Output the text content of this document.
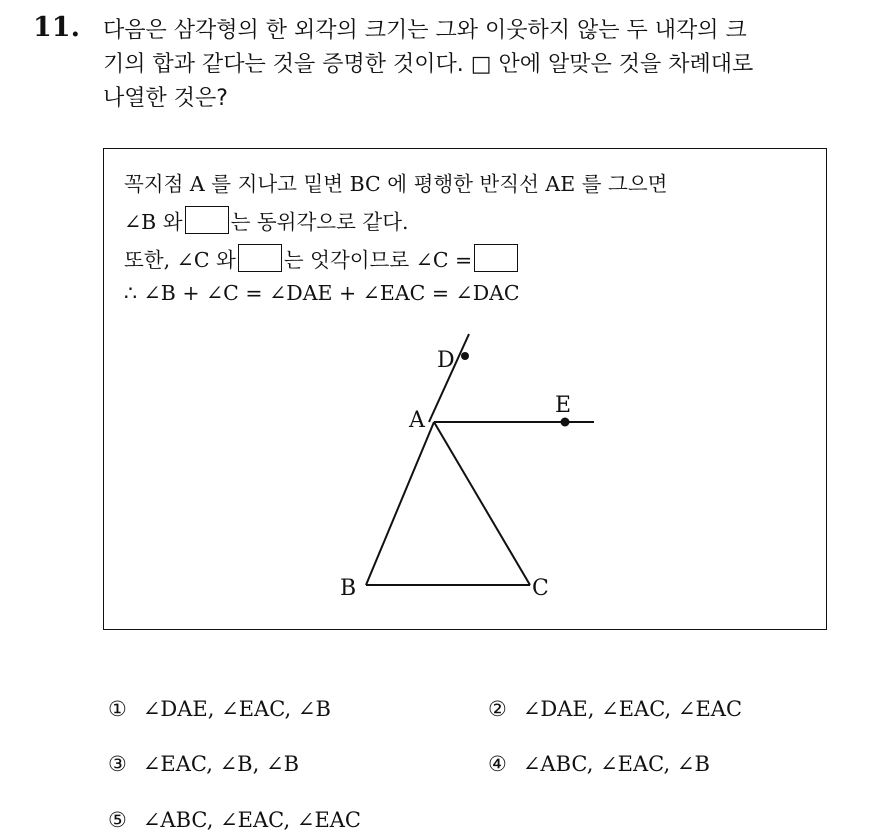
11. 다음은 삼각형의 한 외각의 크기는 그와 이웃하지 않는 두 내각의 크
기의 합과 같다는 것을 증명한 것이다. □ 안에 알맞은 것을 차례대로
나열한 것은?
꼭지점 A 를 지나고 밑변 BC 에 평행한 반직선 AE 를 그으면
∠B 와 는 동위각으로 같다.
또한, ∠C 와 는 엇각이므로 ∠C =
∴ ∠B + ∠C = ∠DAE + ∠EAC = ∠DAC
D
E
A
B	C
① ∠DAE, ∠EAC, ∠B	② ∠DAE, ∠EAC, ∠EAC
③ ∠EAC, ∠B, ∠B	④ ∠ABC, ∠EAC, ∠B
⑤ ∠ABC, ∠EAC, ∠EAC
